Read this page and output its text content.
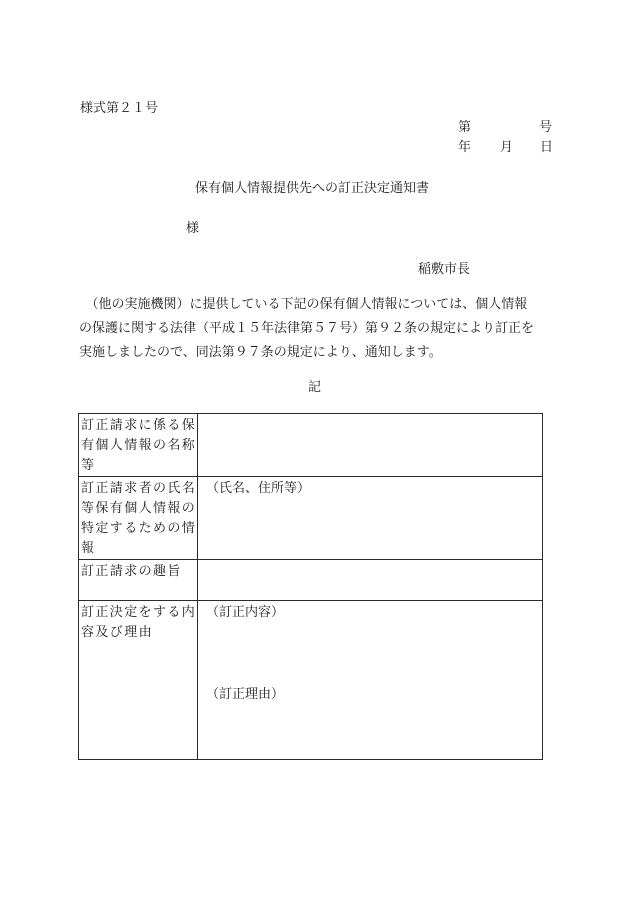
様式第２１号
第	号
年 月 日
保有個人情報提供先への訂正決定通知書
様
稲敷市長
　（他の実施機関）に提供している下記の保有個人情報については、個人情報
の保護に関する法律（平成１５年法律第５７号）第９２条の規定により訂正を
実施しましたので、同法第９７条の規定により、通知します。
記
訂正請求に係る保
有個人情報の名称
等	

訂正請求者の氏名
等保有個人情報の
特定するための情
報	（氏名、住所等）

訂正請求の趣旨	

訂正決定をする内
容及び理由	（訂正内容）
（訂正理由）
